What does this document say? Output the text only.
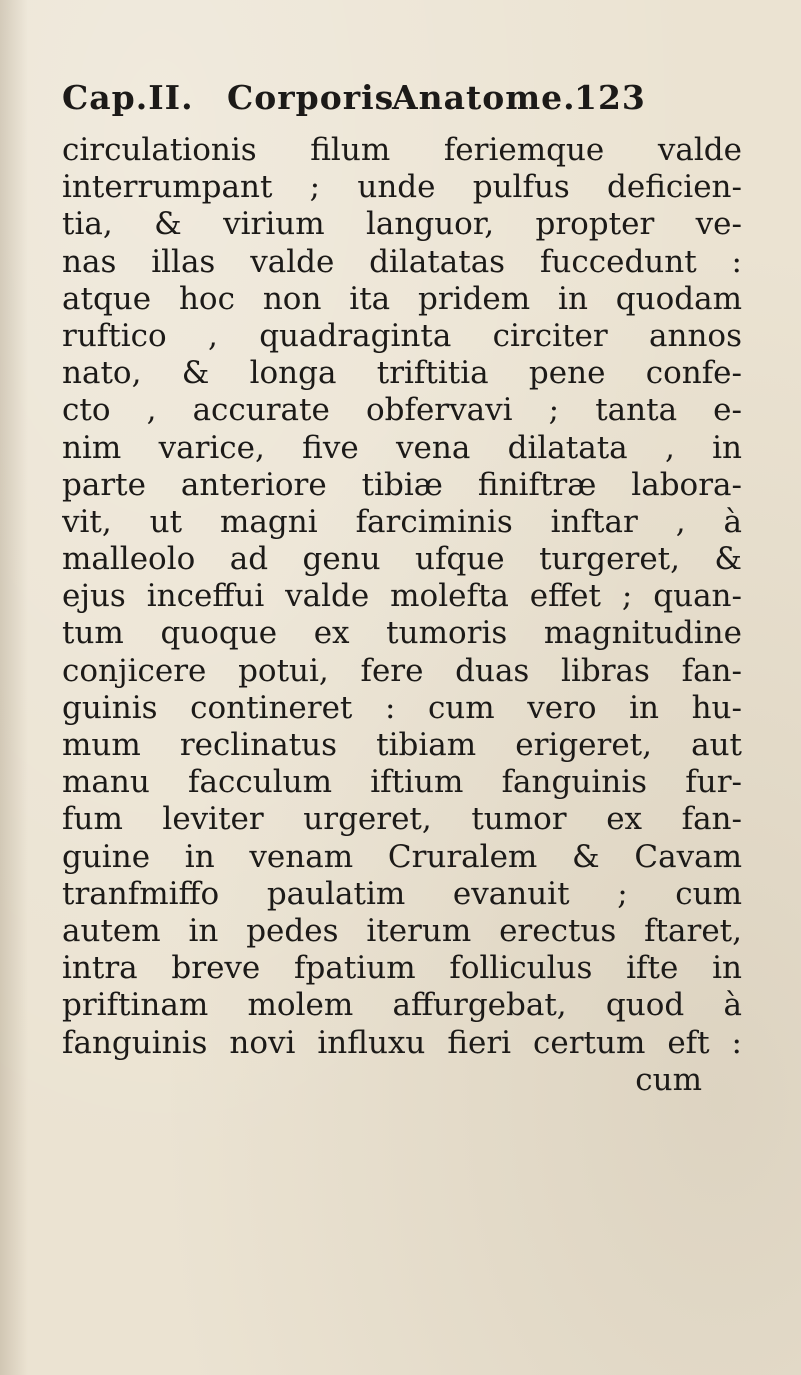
Cap.II. Corporis
Anatome.
123
circulationis filum feriemque valde
interrumpant ; unde pulfus deficien-
tia, & virium languor, propter ve-
nas illas valde dilatatas fuccedunt :
atque hoc non ita pridem in quodam
ruftico , quadraginta circiter annos
nato, & longa triftitia pene confe-
cto , accurate obfervavi ; tanta e-
nim varice, five vena dilatata , in
parte anteriore tibiæ finiftræ labora-
vit, ut magni farciminis inftar , à
malleolo ad genu ufque turgeret, &
ejus inceffui valde molefta effet ; quan-
tum quoque ex tumoris magnitudine
conjicere potui, fere duas libras fan-
guinis contineret : cum vero in hu-
mum reclinatus tibiam erigeret, aut
manu facculum iftium fanguinis fur-
fum leviter urgeret, tumor ex fan-
guine in venam Cruralem & Cavam
tranfmiffo paulatim evanuit ; cum
autem in pedes iterum erectus ftaret,
intra breve fpatium folliculus ifte in
priftinam molem affurgebat, quod à
fanguinis novi influxu fieri certum eft :
cum
